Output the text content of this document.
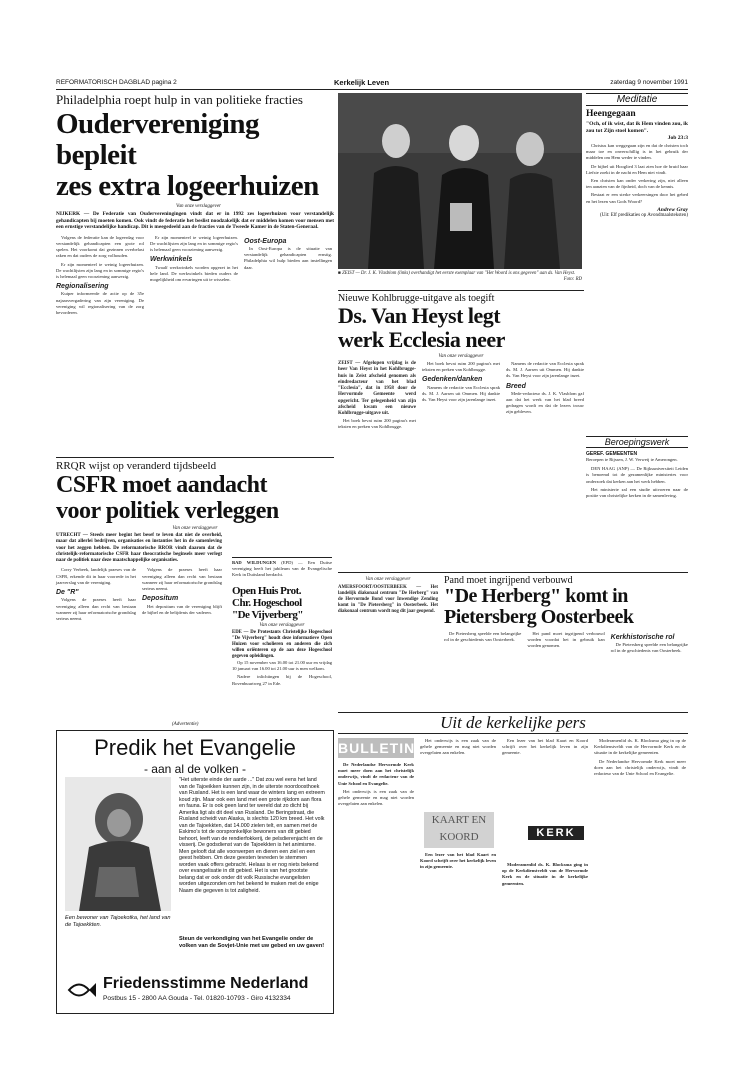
REFORMATORISCH DAGBLAD pagina 2	Kerkelijk Leven	zaterdag 9 november 1991
Philadelphia roept hulp in van politieke fracties
Oudervereniging bepleit
zes extra logeerhuizen
Van onze verslaggever
NIJKERK — De Federatie van Oudervereningingen vindt dat er in 1992 zes logeerhuizen voor verstandelijk gehandicapten bij moeten komen. Ook vindt de federatie het beslist noodzakelijk dat er middelen komen voor mensen met een ernstige verstandelijke handicap. Dit is meegedeeld aan de fracties van de Tweede Kamer in de Staten-Generaal.

Volgens de federatie kan de logeerdag voor verstandelijk gehandicapten een grote rol spelen. Het voorkomt dat gezinnen overbelast raken en dat ouders de zorg volhouden.

Er zijn momenteel te weinig logeerhuizen. De wachtlijsten zijn lang en in sommige regio's is helemaal geen voorziening aanwezig.

Regionalisering

Kuiper informeerde de actie op de 35e najaarsvergadering van zijn vereniging. De vereniging wil regionalisering van de zorg bevorderen.

Er zijn momenteel te weinig logeerhuizen. De wachtlijsten zijn lang en in sommige regio's is helemaal geen voorziening aanwezig.

Werkwinkels

Twaalf werkwinkels worden opgezet in het hele land. De werkwinkels bieden ouders de mogelijkheid om ervaringen uit te wisselen.

Oost-Europa

In Oost-Europa is de situatie van verstandelijk gehandicapten ernstig. Philadelphia wil hulp bieden aan instellingen daar.

■ ZEIST — Dr. J. K. Vlasblom (links) overhandigt het eerste exemplaar van "Het Woord is ons gegeven" aan ds. Van Heyst.
Foto: RD
Meditatie
Heengegaan
"Och, of ik wist, dat ik Hem vinden zou, ik zou tot Zijn stoel komen".
Job 23:3

Christus kan weggegaan zijn en dat de christen toch maar toe en onverschillig is in het gebruik der middelen om Hem weder te vinden.

De bijbel uit Hooglied 3 laat zien hoe de bruid haar Liefste zoekt in de nacht en Hem niet vindt.

Een christen kan onder verkering zijn, niet alleen ten aanzien van de fijnheid, doch van de kennis.

Bestaat er een sterke verkeersingen door het gebed en het lezen van Gods Woord?

Andrew Gray
(Uit: Elf predikaties op Avondmaalsteksten)
Nieuwe Kohlbrugge-uitgave als toegift
Ds. Van Heyst legt
werk Ecclesia neer
Van onze verslaggever
ZEIST — Afgelopen vrijdag is de heer Van Heyst in het Kohlbrugge-huis in Zeist afscheid genomen als eindredacteur van het blad "Ecclesia", dat in 1958 door de Hervormde Gemeente werd opgericht. Ter gelegenheid van zijn afscheid kwam een nieuwe Kohlbrugge-uitgave uit.

Het boek bevat ruim 200 pagina's met teksten en preken van Kohlbrugge.

Het boek bevat ruim 200 pagina's met teksten en preken van Kohlbrugge.

Gedenken/danken

Namens de redactie van Ecclesia sprak ds. M. J. Aarsen uit Ommen. Hij dankte ds. Van Heyst voor zijn jarenlange inzet.

Namens de redactie van Ecclesia sprak ds. M. J. Aarsen uit Ommen. Hij dankte ds. Van Heyst voor zijn jarenlange inzet.

Breed

Mede-redacteur ds. J. K. Vlasblom gaf aan dat het werk van het blad breed gedragen wordt en dat de lezers trouw zijn gebleven.

RRQR wijst op veranderd tijdsbeeld
CSFR moet aandacht
voor politiek verleggen
Van onze verslaggever
UTRECHT — Steeds meer begint het besef te leven dat niet de overheid, maar dat allerlei bedrijven, organisaties en instanties het in de samenleving voor het zeggen hebben. De reformatorische RROR vindt daarom dat de christelijk-reformatorische CSFR haar theocratische beginsels meer verlegt naar de politiek naar deze maatschappelijke organisaties.

Corry Verbeek, landelijk praeses van de CSFR, erkende dit in haar voorrede in het jaarverslag van de vereniging.

De "R"

Volgens de praeses heeft haar vereniging alleen dan recht van bestaan wanneer zij haar reformatorische grondslag serieus neemt.

Volgens de praeses heeft haar vereniging alleen dan recht van bestaan wanneer zij haar reformatorische grondslag serieus neemt.

Depositum

Het depositum van de vereniging blijft de bijbel en de belijdenis der vaderen.

BAD WILDUNGEN (EPD) — Een Duitse vereniging heeft het jubileum van de Evangelische Kerk in Duitsland herdacht.
Open Huis Prot.
Chr. Hogeschool
"De Vijverberg"
Van onze verslaggever
EDE — De Protestants Christelijke Hogeschool "De Vijverberg" houdt deze informatieve Open Huizen voor scholieren en anderen die zich willen oriënteren op de aan deze Hogeschool gegeven opleidingen.

Op 15 november van 16.00 tot 21.00 uur en vrijdag 10 januari van 16.00 tot 21.00 uur is men welkom.

Nadere inlichtingen bij de Hogeschool, Bovenbuurtweg 27 in Ede.

Van onze verslaggever
AMERSFOORT/OOSTERBEEK — Het landelijk diakonaal centrum "De Herberg" van de Hervormde Bond voor Inwendige Zending komt in "De Pietersberg" in Oosterbeek. Het diakonaal centrum wordt nog dit jaar geopend.
Pand moet ingrijpend verbouwd
"De Herberg" komt in
Pietersberg Oosterbeek

De Pietersberg speelde een belangrijke rol in de geschiedenis van Oosterbeek.

Het pand moet ingrijpend verbouwd worden voordat het in gebruik kan worden genomen.

Kerkhistorische rol

De Pietersberg speelde een belangrijke rol in de geschiedenis van Oosterbeek.

Beroepingswerk
GEREF. GEMEENTEN
Beroepen te Rijssen, J. W. Verweij te Amerongen.

DEN HAAG (ANP) — De Rijksuniversiteit Leiden is benoemd tot de gezamenlijke ministeries voor onderzoek dat kerken aan het werk hebben.

Het ministerie zal een studie uitvoeren naar de positie van christelijke kerken in de samenleving.

Uit de kerkelijke pers
BULLETIN

De Nederlandse Hervormde Kerk moet meer doen aan het christelijk onderwijs, vindt de redacteur van de Unie School en Evangelie.

Het onderwijs is een zaak van de gehele gemeente en mag niet worden overgelaten aan enkelen.

Het onderwijs is een zaak van de gehele gemeente en mag niet worden overgelaten aan enkelen.

KAART EN KOORD

Een lezer van het blad Kaart en Koord schrijft over het kerkelijk leven in zijn gemeente.

Een lezer van het blad Kaart en Koord schrijft over het kerkelijk leven in zijn gemeente.

KERK

Moderamenlid ds. K. Blocksma ging in op de Kerkdienstveldt van de Hervormde Kerk en de situatie in de kerkelijke gemeenten.

Moderamenlid ds. K. Blocksma ging in op de Kerkdienstveldt van de Hervormde Kerk en de situatie in de kerkelijke gemeenten.

De Nederlandse Hervormde Kerk moet meer doen aan het christelijk onderwijs, vindt de redacteur van de Unie School en Evangelie.

(Advertentie)
Predik het Evangelie
- aan al de volken -
Een bewoner van Tajoekotka, het land van de Tajoekkten.
"Het uiterste einde der aarde ..." Dat zou wel eens het land van de Tajoeikken kunnen zijn, in de uiterste noordoosthoek van Rusland. Het is een land waar de winters lang en extreem koud zijn. Maar ook een land met een grote rijkdom aan flora en fauna. Er is ook geen land ter wereld dat zo dicht bij Amerika ligt als dit deel van Rusland. De Beringstraat, die Rusland scheidt van Alaska, is slechts 120 km breed. Het volk van de Tajoekkten, dat 14.000 zielen telt, en samen met de Eskimo's tot de oorspronkelijke bewoners van dit gebied behoort, leeft van de rendierfokkerij, de pelsdierenjacht en de visserij. De godsdienst van de Tajoekkten is het animisme. Men gelooft dat alle voorwerpen en dieren een ziel en een geest hebben. Om deze geesten tevreden te stemmen worden vaak offers gebracht. Helaas is er nog niets bekend over evangelisatie in dit gebied. Het is van het grootste belang dat er ook onder dit volk Russische evangelisten worden uitgezonden om het bekend te maken met de enige Naam die gegeven is tot zaligheid.
Steun de verkondiging van het Evangelie onder de volken van de Sovjet-Unie met uw gebed en uw gaven!
Friedensstimme Nederland
Postbus 15 - 2800 AA Gouda - Tel. 01820-10793 - Giro 4132334
